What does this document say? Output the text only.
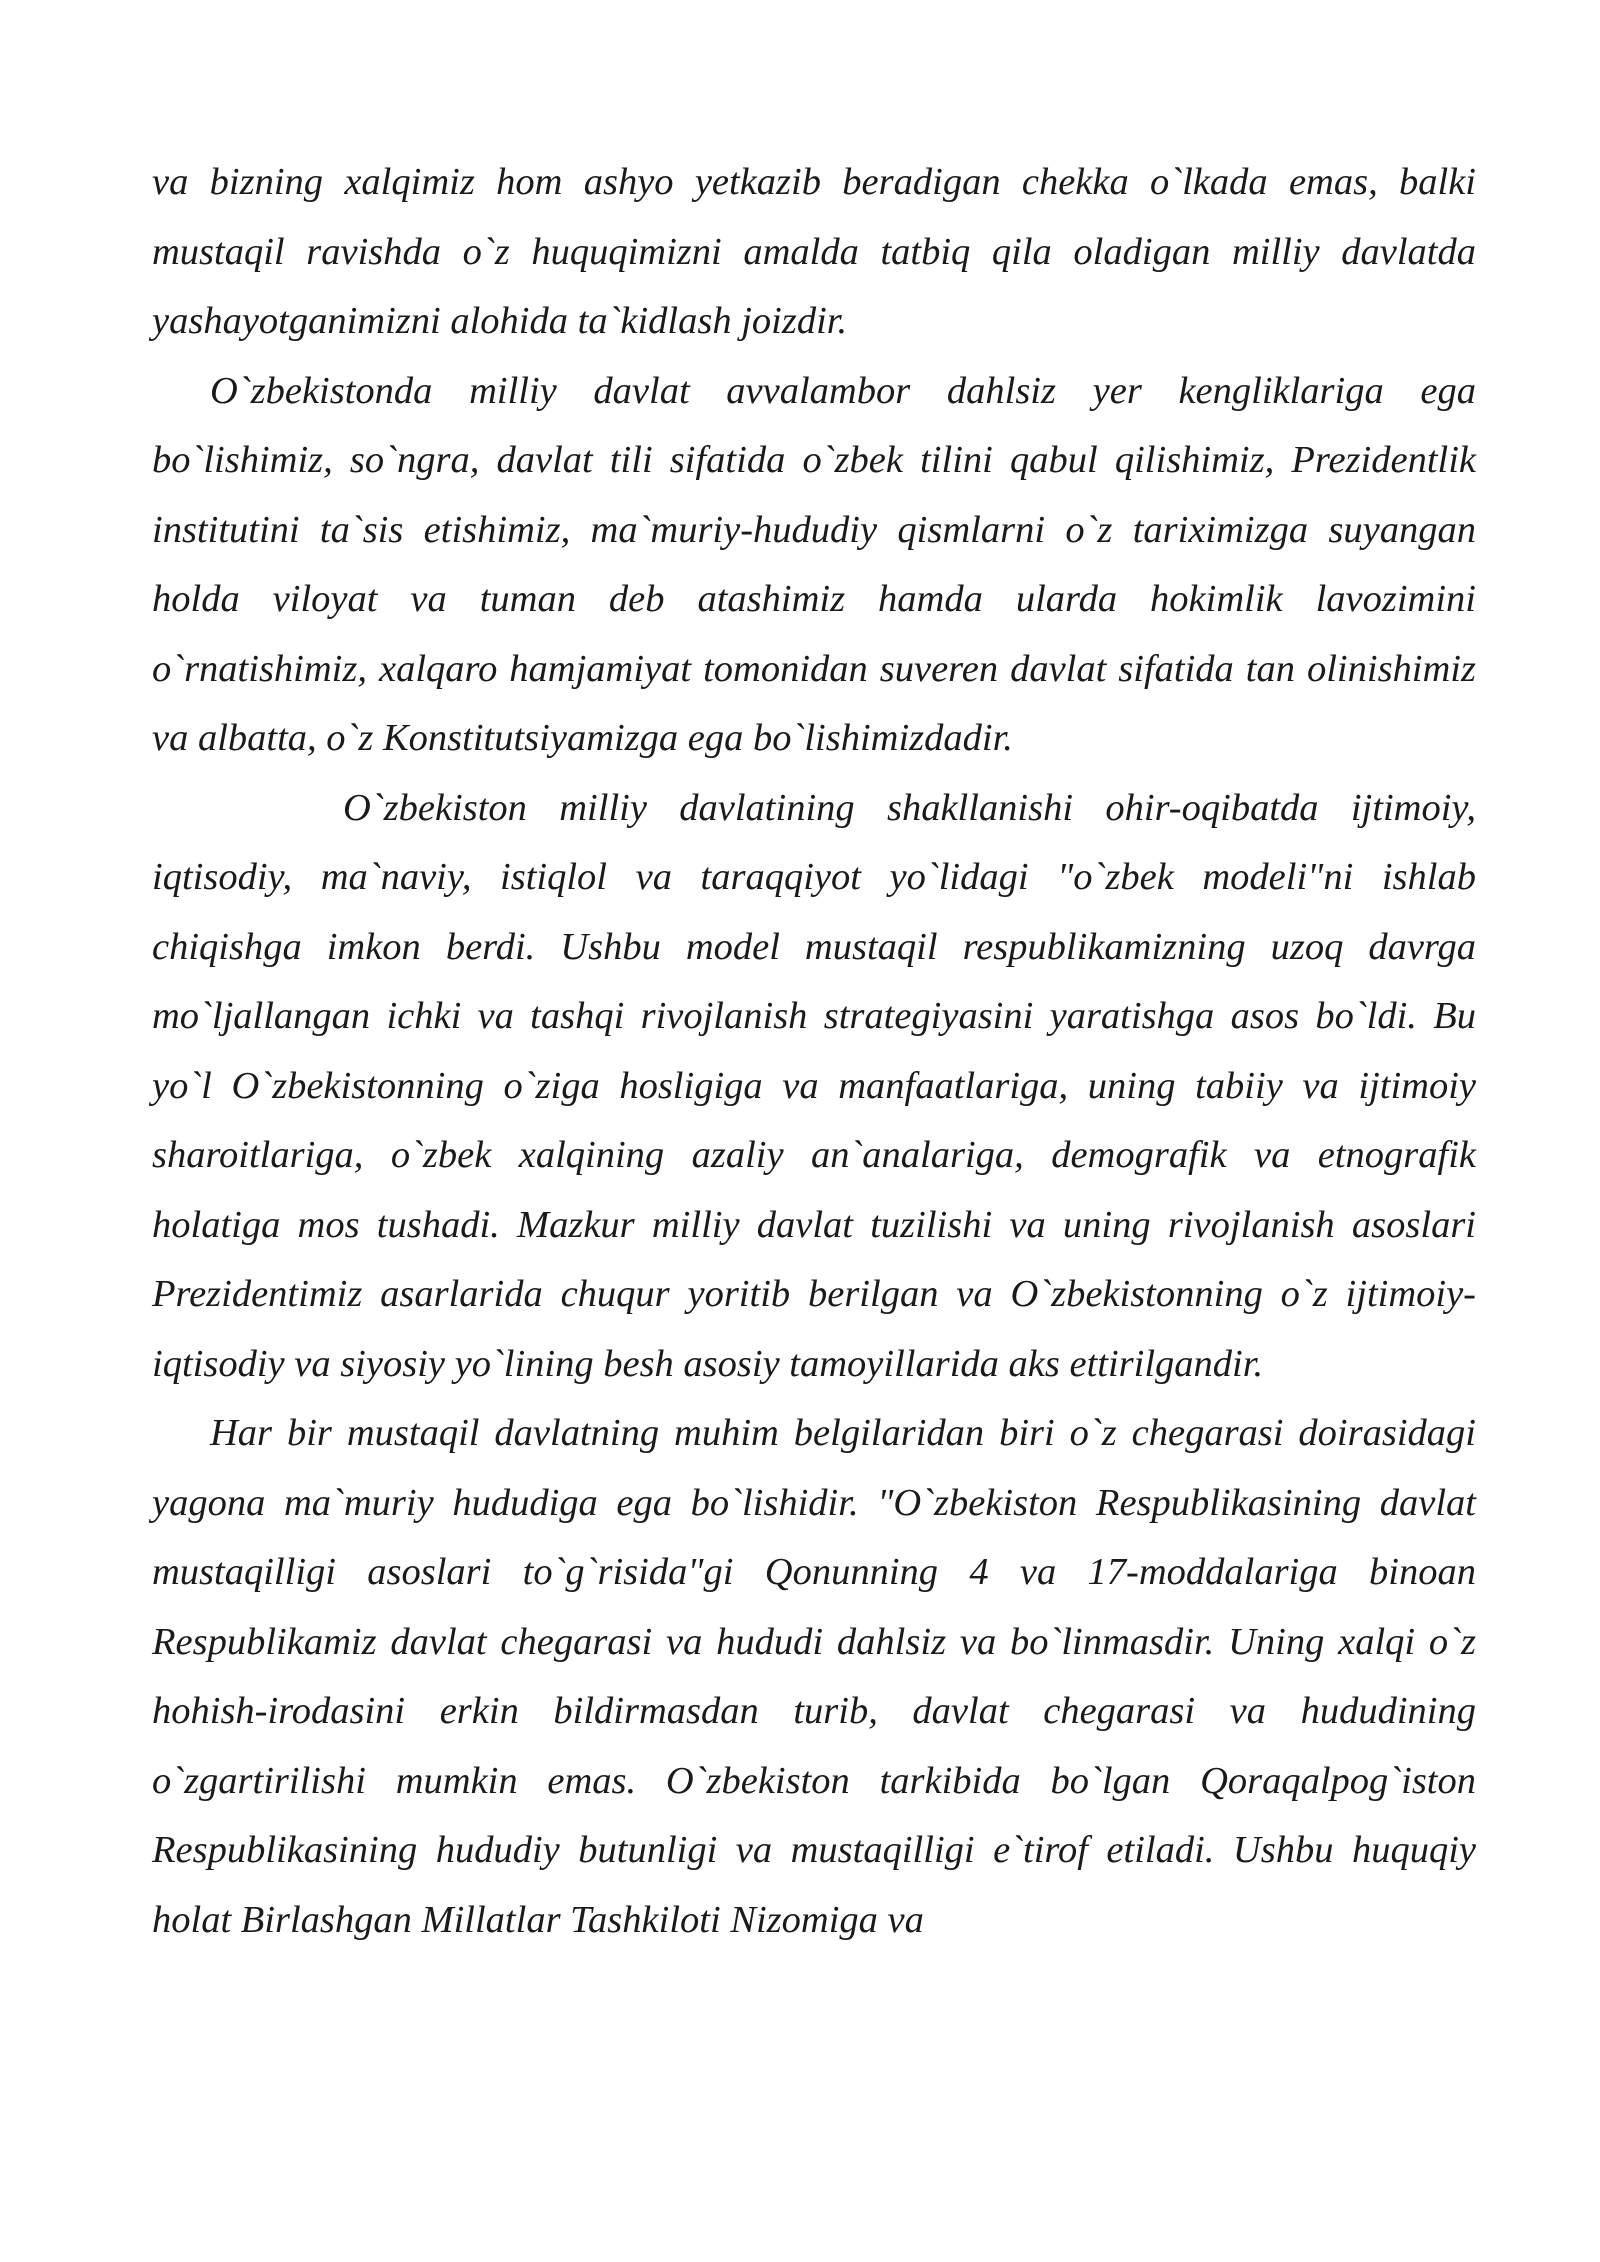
va bizning xalqimiz hom ashyo yetkazib beradigan chekka o`lkada emas, balki mustaqil ravishda o`z huquqimizni amalda tatbiq qila oladigan milliy davlatda yashayotganimizni alohida ta`kidlash joizdir.

O`zbekistonda milliy davlat avvalambor dahlsiz yer kengliklariga ega bo`lishimiz, so`ngra, davlat tili sifatida o`zbek tilini qabul qilishimiz, Prezidentlik institutini ta`sis etishimiz, ma`muriy-hududiy qismlarni o`z tariximizga suyangan holda viloyat va tuman deb atashimiz hamda ularda hokimlik lavozimini o`rnatishimiz, xalqaro hamjamiyat tomonidan suveren davlat sifatida tan olinishimiz va albatta, o`z Konstitutsiyamizga ega bo`lishimizdadir.

O`zbekiston milliy davlatining shakllanishi ohir-oqibatda ijtimoiy, iqtisodiy, ma`naviy, istiqlol va taraqqiyot yo`lidagi "o`zbek modeli"ni ishlab chiqishga imkon berdi. Ushbu model mustaqil respublikamizning uzoq davrga mo`ljallangan ichki va tashqi rivojlanish strategiyasini yaratishga asos bo`ldi. Bu yo`l O`zbekistonning o`ziga hosligiga va manfaatlariga, uning tabiiy va ijtimoiy sharoitlariga, o`zbek xalqining azaliy an`analariga, demografik va etnografik holatiga mos tushadi. Mazkur milliy davlat tuzilishi va uning rivojlanish asoslari Prezidentimiz asarlarida chuqur yoritib berilgan va O`zbekistonning o`z ijtimoiy-iqtisodiy va siyosiy yo`lining besh asosiy tamoyillarida aks ettirilgandir.

Har bir mustaqil davlatning muhim belgilaridan biri o`z chegarasi doirasidagi yagona ma`muriy hududiga ega bo`lishidir. "O`zbekiston Respublikasining davlat mustaqilligi asoslari to`g`risida"gi Qonunning 4 va 17-moddalariga binoan Respublikamiz davlat chegarasi va hududi dahlsiz va bo`linmasdir. Uning xalqi o`z hohish-irodasini erkin bildirmasdan turib, davlat chegarasi va hududining o`zgartirilishi mumkin emas. O`zbekiston tarkibida bo`lgan Qoraqalpog`iston Respublikasining hududiy butunligi va mustaqilligi e`tirof etiladi. Ushbu huquqiy holat Birlashgan Millatlar Tashkiloti Nizomiga va
